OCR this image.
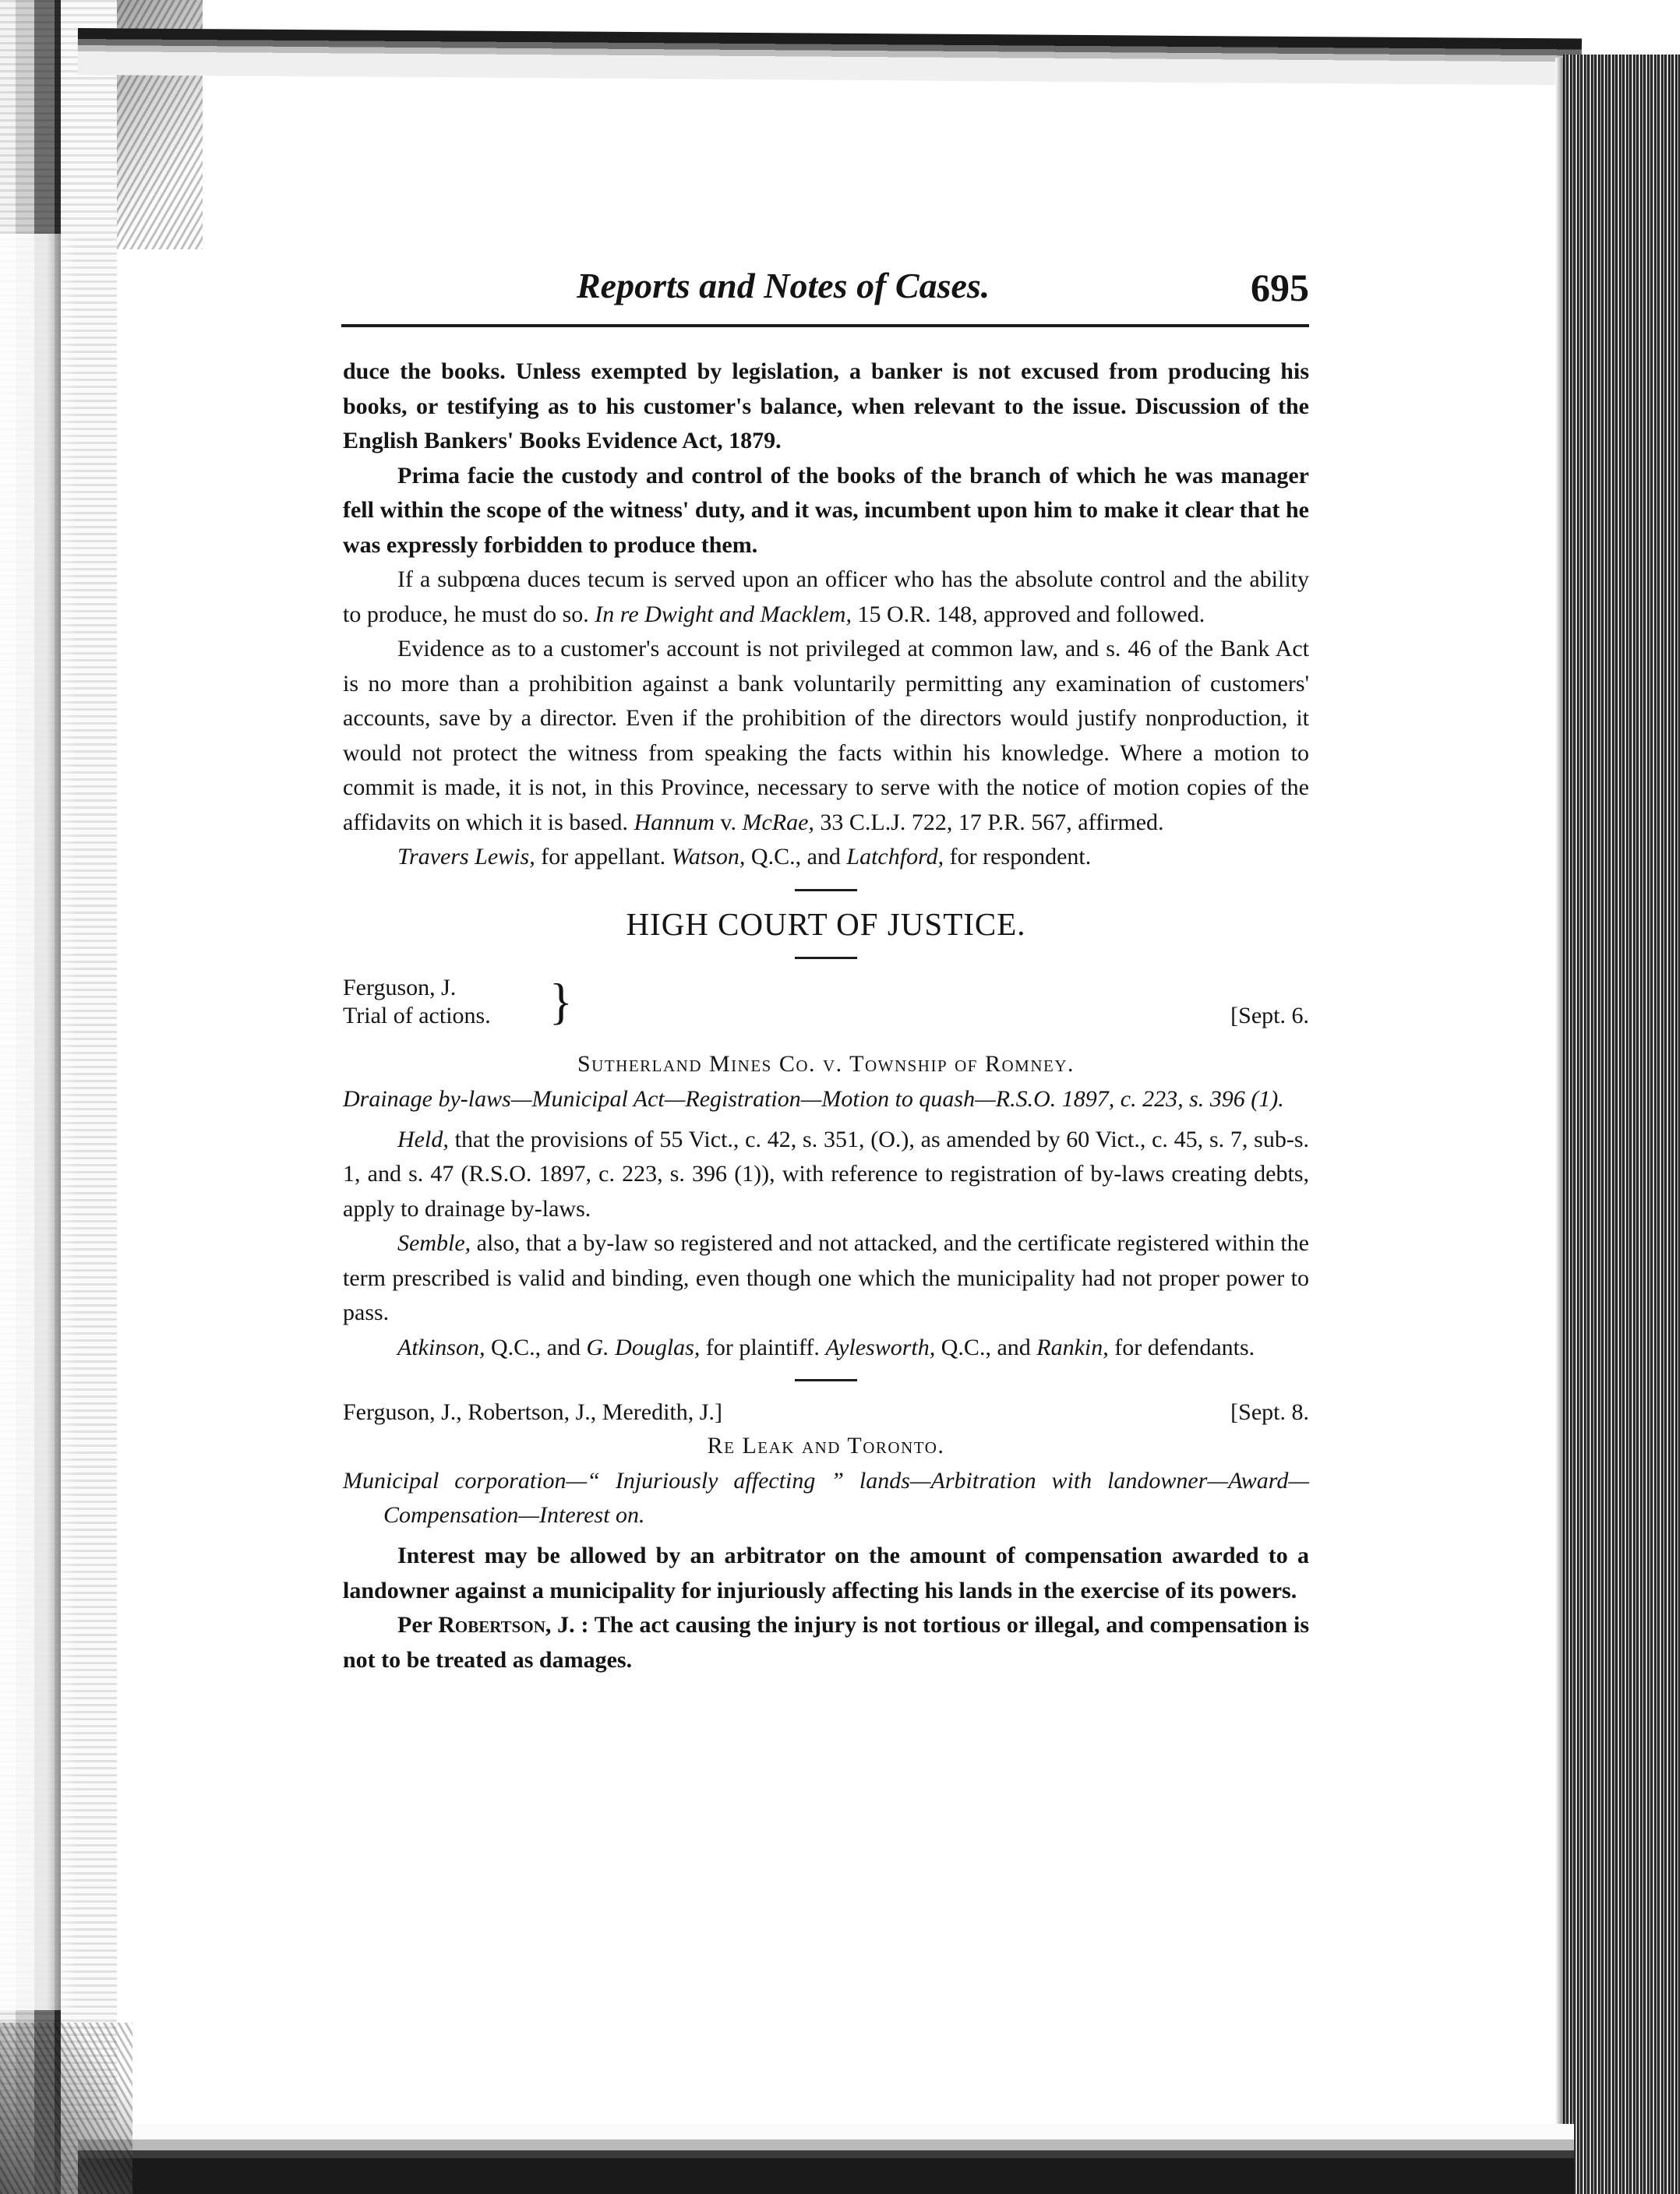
Reports and Notes of Cases.	695

duce the books. Unless exempted by legislation, a banker is not excused from producing his books, or testifying as to his customer's balance, when relevant to the issue. Discussion of the English Bankers' Books Evidence Act, 1879.

Prima facie the custody and control of the books of the branch of which he was manager fell within the scope of the witness' duty, and it was, incumbent upon him to make it clear that he was expressly forbidden to produce them.

If a subpœna duces tecum is served upon an officer who has the absolute control and the ability to produce, he must do so. In re Dwight and Macklem, 15 O.R. 148, approved and followed.

Evidence as to a customer's account is not privileged at common law, and s. 46 of the Bank Act is no more than a prohibition against a bank voluntarily permitting any examination of customers' accounts, save by a director. Even if the prohibition of the directors would justify nonproduction, it would not protect the witness from speaking the facts within his knowledge. Where a motion to commit is made, it is not, in this Province, necessary to serve with the notice of motion copies of the affidavits on which it is based. Hannum v. McRae, 33 C.L.J. 722, 17 P.R. 567, affirmed.

Travers Lewis, for appellant. Watson, Q.C., and Latchford, for respondent.

HIGH COURT OF JUSTICE.
Ferguson, J.
Trial of actions. }	[Sept. 6.
Sutherland Mines Co. v. Township of Romney.
Drainage by-laws—Municipal Act—Registration—Motion to quash—R.S.O. 1897, c. 223, s. 396 (1).

Held, that the provisions of 55 Vict., c. 42, s. 351, (O.), as amended by 60 Vict., c. 45, s. 7, sub-s. 1, and s. 47 (R.S.O. 1897, c. 223, s. 396 (1)), with reference to registration of by-laws creating debts, apply to drainage by-laws.

Semble, also, that a by-law so registered and not attacked, and the certificate registered within the term prescribed is valid and binding, even though one which the municipality had not proper power to pass.

Atkinson, Q.C., and G. Douglas, for plaintiff. Aylesworth, Q.C., and Rankin, for defendants.

Ferguson, J., Robertson, J., Meredith, J.]	[Sept. 8.
Re Leak and Toronto.
Municipal corporation—“ Injuriously affecting ” lands—Arbitration with landowner—Award—Compensation—Interest on.

Interest may be allowed by an arbitrator on the amount of compensation awarded to a landowner against a municipality for injuriously affecting his lands in the exercise of its powers.

Per Robertson, J. : The act causing the injury is not tortious or illegal, and compensation is not to be treated as damages.
